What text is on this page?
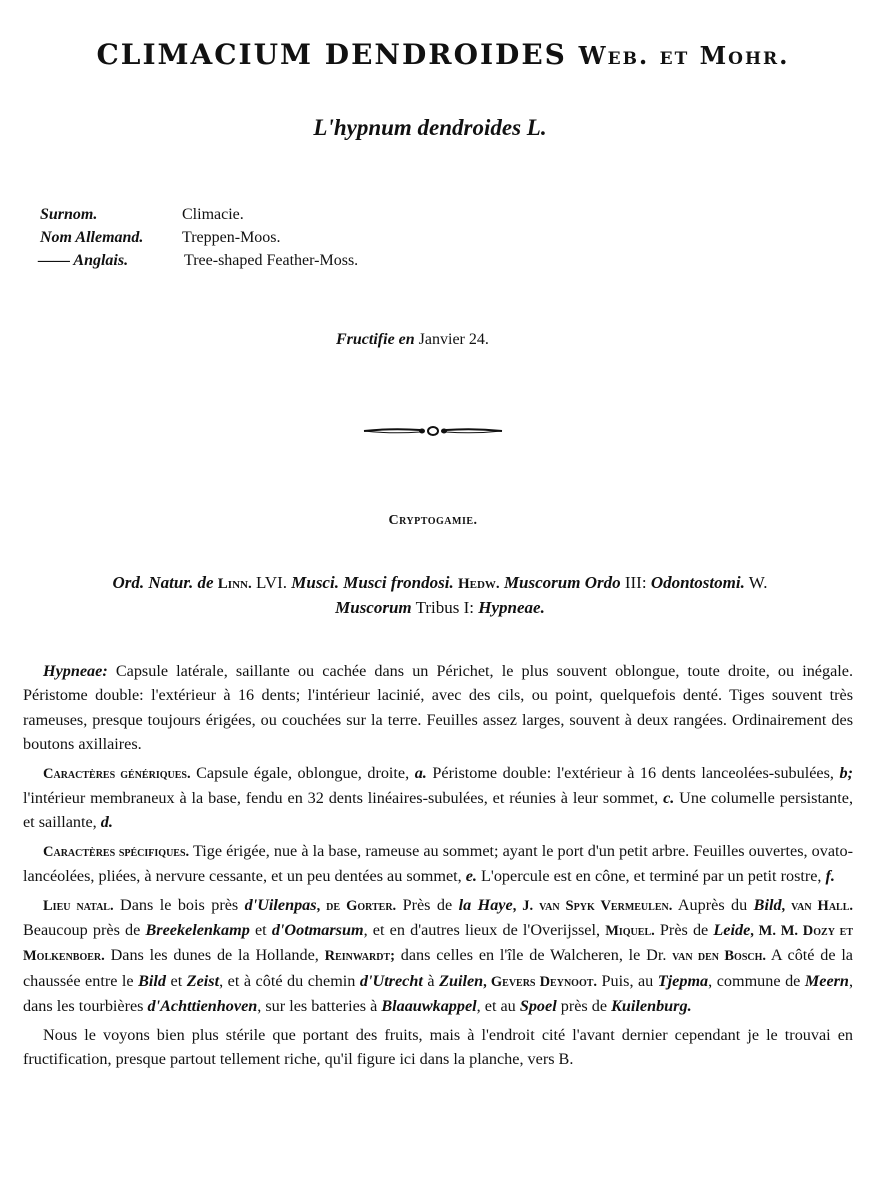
CLIMACIUM DENDROIDES Web. et Mohr.
L'hypnum dendroides L.
Surnom.	Climacie.
Nom Allemand.	Treppen-Moos.
—— Anglais.	Tree-shaped Feather-Moss.
Fructifie en Janvier 24.
Cryptogamie.
Ord. Natur. de Linn. LVI. Musci. Musci frondosi. Hedw. Muscorum Ordo III: Odontostomi. W.
Muscorum Tribus I: Hypneae.

Hypneae: Capsule latérale, saillante ou cachée dans un Périchet, le plus souvent oblongue, toute droite, ou inégale. Péristome double: l'extérieur à 16 dents; l'intérieur lacinié, avec des cils, ou point, quelquefois denté. Tiges souvent très rameuses, presque toujours érigées, ou couchées sur la terre. Feuilles assez larges, souvent à deux rangées. Ordinairement des boutons axillaires.

Caractères génériques. Capsule égale, oblongue, droite, a. Péristome double: l'extérieur à 16 dents lanceolées-subulées, b; l'intérieur membraneux à la base, fendu en 32 dents linéaires-subulées, et réunies à leur sommet, c. Une columelle persistante, et saillante, d.

Caractères spécifiques. Tige érigée, nue à la base, rameuse au sommet; ayant le port d'un petit arbre. Feuilles ouvertes, ovato-lancéolées, pliées, à nervure cessante, et un peu dentées au sommet, e. L'opercule est en cône, et terminé par un petit rostre, f.

Lieu natal. Dans le bois près d'Uilenpas, de Gorter. Près de la Haye, J. van Spyk Vermeulen. Auprès du Bild, van Hall. Beaucoup près de Breekelenkamp et d'Ootmarsum, et en d'autres lieux de l'Overijssel, Miquel. Près de Leide, M. M. Dozy et Molkenboer. Dans les dunes de la Hollande, Reinwardt; dans celles en l'île de Walcheren, le Dr. van den Bosch. A côté de la chaussée entre le Bild et Zeist, et à côté du chemin d'Utrecht à Zuilen, Gevers Deynoot. Puis, au Tjepma, commune de Meern, dans les tourbières d'Achttienhoven, sur les batteries à Blaauwkappel, et au Spoel près de Kuilenburg.

Nous le voyons bien plus stérile que portant des fruits, mais à l'endroit cité l'avant dernier cependant je le trouvai en fructification, presque partout tellement riche, qu'il figure ici dans la planche, vers B.
